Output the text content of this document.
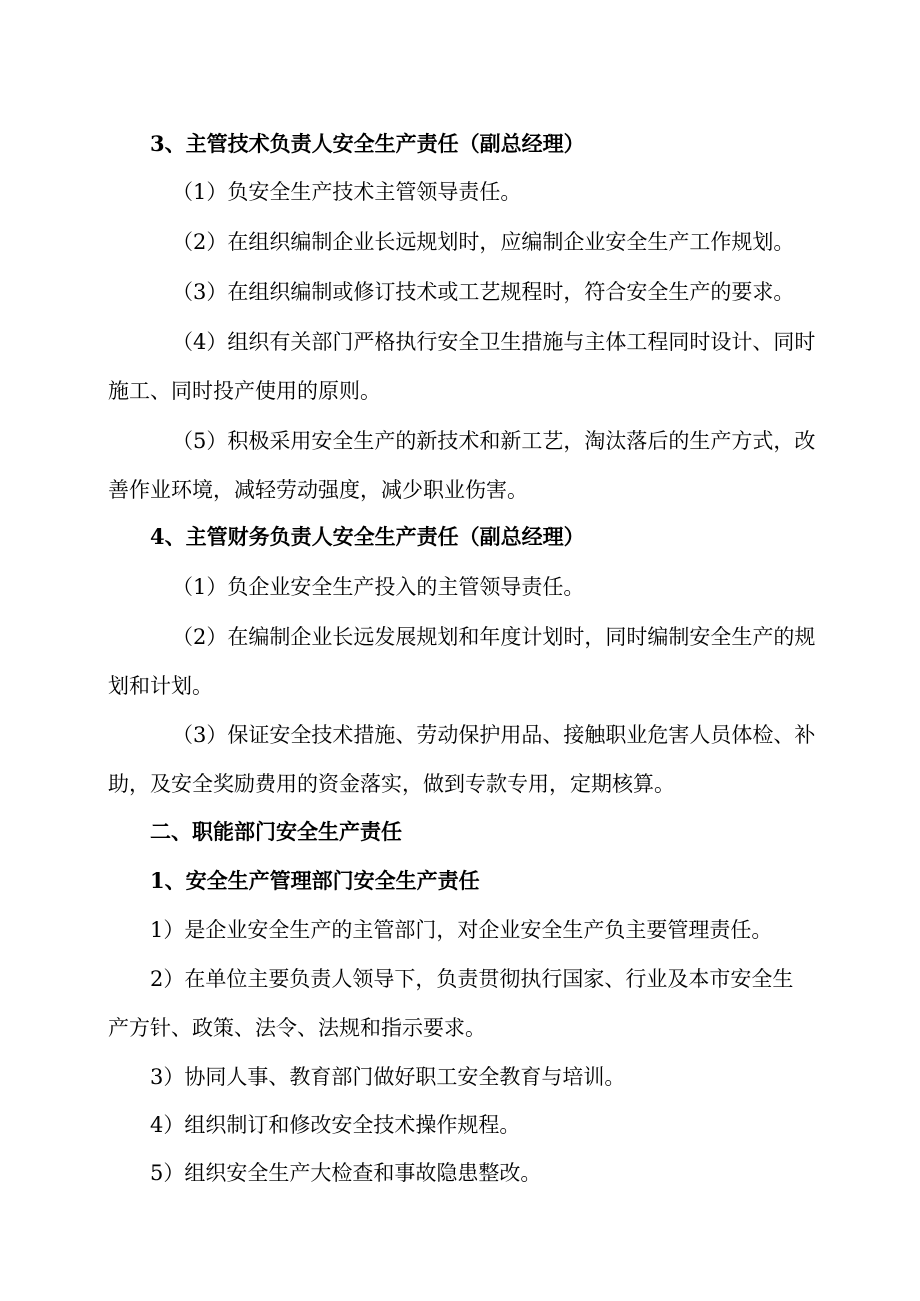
3、主管技术负责人安全生产责任（副总经理）
（1）负安全生产技术主管领导责任。
（2）在组织编制企业长远规划时，应编制企业安全生产工作规划。
（3）在组织编制或修订技术或工艺规程时，符合安全生产的要求。
（4）组织有关部门严格执行安全卫生措施与主体工程同时设计、同时
施工、同时投产使用的原则。
（5）积极采用安全生产的新技术和新工艺，淘汰落后的生产方式，改
善作业环境，减轻劳动强度，减少职业伤害。
4、主管财务负责人安全生产责任（副总经理）
（1）负企业安全生产投入的主管领导责任。
（2）在编制企业长远发展规划和年度计划时，同时编制安全生产的规
划和计划。
（3）保证安全技术措施、劳动保护用品、接触职业危害人员体检、补
助，及安全奖励费用的资金落实，做到专款专用，定期核算。
二、职能部门安全生产责任
1、安全生产管理部门安全生产责任
1）是企业安全生产的主管部门，对企业安全生产负主要管理责任。
2）在单位主要负责人领导下，负责贯彻执行国家、行业及本市安全生
产方针、政策、法令、法规和指示要求。
3）协同人事、教育部门做好职工安全教育与培训。
4）组织制订和修改安全技术操作规程。
5）组织安全生产大检查和事故隐患整改。
